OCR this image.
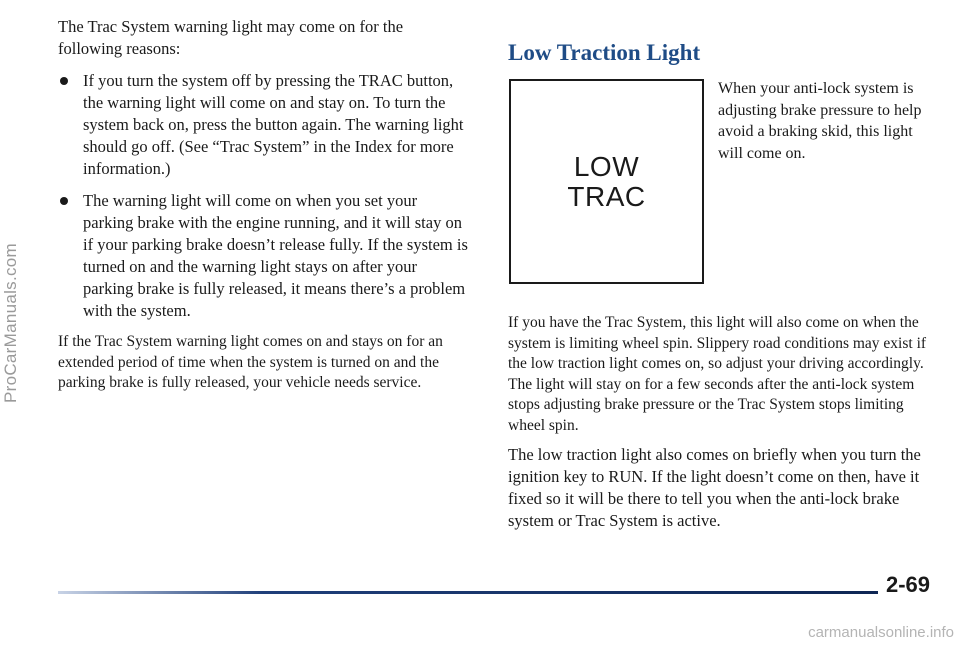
ProCarManuals.com

The Trac System warning light may come on for the following reasons:

If you turn the system off by pressing the TRAC button, the warning light will come on and stay on. To turn the system back on, press the button again. The warning light should go off. (See “Trac System” in the Index for more information.)
The warning light will come on when you set your parking brake with the engine running, and it will stay on if your parking brake doesn’t release fully. If the system is turned on and the warning light stays on after your parking brake is fully released, it means there’s a problem with the system.

If the Trac System warning light comes on and stays on for an extended period of time when the system is turned on and the parking brake is fully released, your vehicle needs service.

Low Traction Light
LOW
TRAC

When your anti-lock system is adjusting brake pressure to help avoid a braking skid, this light will come on.

If you have the Trac System, this light will also come on when the system is limiting wheel spin. Slippery road conditions may exist if the low traction light comes on, so adjust your driving accordingly. The light will stay on for a few seconds after the anti-lock system stops adjusting brake pressure or the Trac System stops limiting wheel spin.

The low traction light also comes on briefly when you turn the ignition key to RUN. If the light doesn’t come on then, have it fixed so it will be there to tell you when the anti-lock brake system or Trac System is active.

2-69
carmanualsonline.info
